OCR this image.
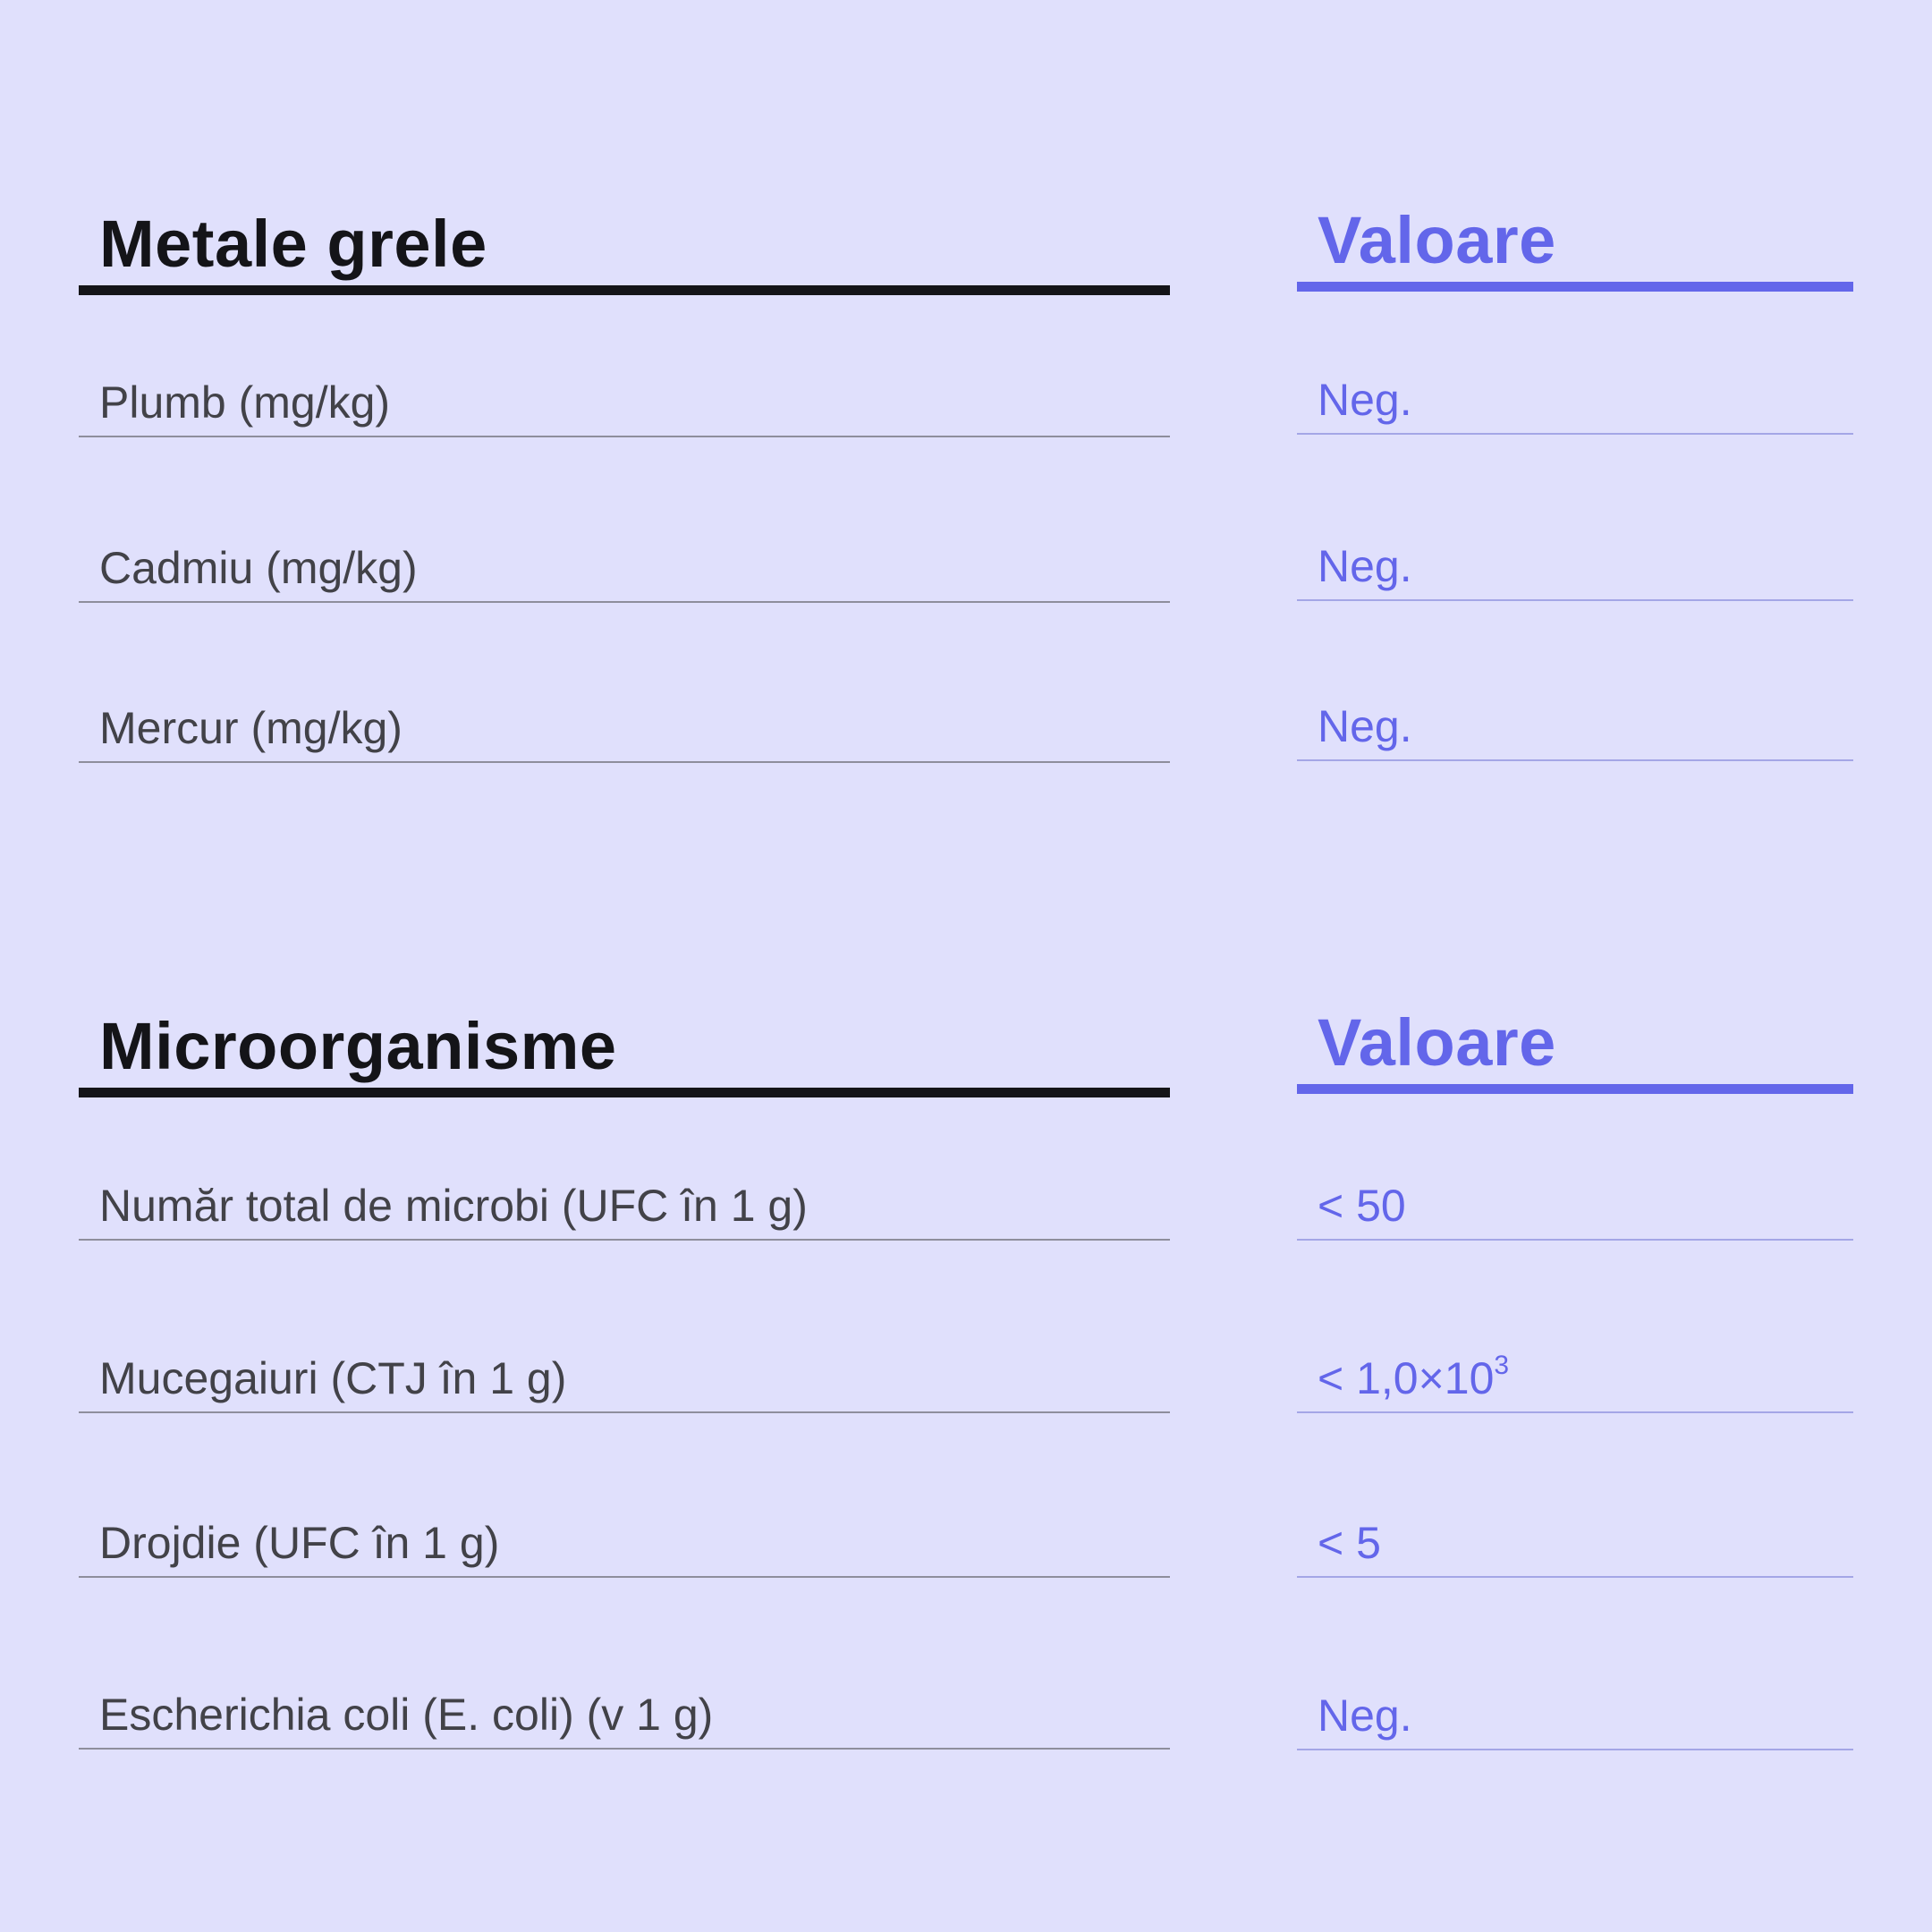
Metale grele
Plumb (mg/kg)
Cadmiu (mg/kg)
Mercur (mg/kg)
Microorganisme
Număr total de microbi (UFC în 1 g)
Mucegaiuri (CTJ în 1 g)
Drojdie (UFC în 1 g)
Escherichia coli (E. coli) (v 1 g)
Valoare
Neg.
Neg.
Neg.
Valoare
< 50
< $1,0\times 10^3$
< 5
Neg.
